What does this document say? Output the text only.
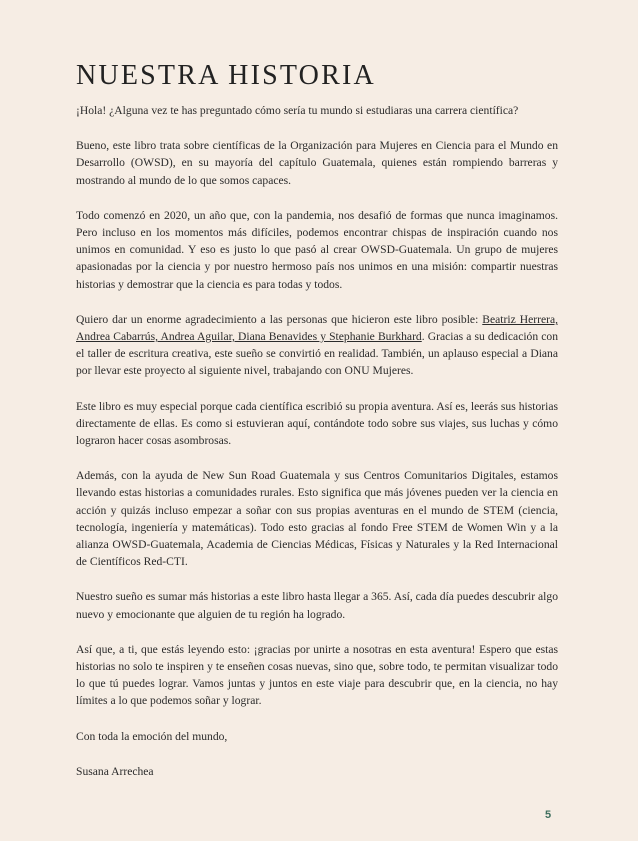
NUESTRA HISTORIA

¡Hola! ¿Alguna vez te has preguntado cómo sería tu mundo si estudiaras una carrera científica?

Bueno, este libro trata sobre científicas de la Organización para Mujeres en Ciencia para el Mundo en Desarrollo (OWSD), en su mayoría del capítulo Guatemala, quienes están rompiendo barreras y mostrando al mundo de lo que somos capaces.

Todo comenzó en 2020, un año que, con la pandemia, nos desafió de formas que nunca imaginamos. Pero incluso en los momentos más difíciles, podemos encontrar chispas de inspiración cuando nos unimos en comunidad. Y eso es justo lo que pasó al crear OWSD-Guatemala. Un grupo de mujeres apasionadas por la ciencia y por nuestro hermoso país nos unimos en una misión: compartir nuestras historias y demostrar que la ciencia es para todas y todos.

Quiero dar un enorme agradecimiento a las personas que hicieron este libro posible: Beatriz Herrera, Andrea Cabarrús, Andrea Aguilar, Diana Benavides y Stephanie Burkhard. Gracias a su dedicación con el taller de escritura creativa, este sueño se convirtió en realidad. También, un aplauso especial a Diana por llevar este proyecto al siguiente nivel, trabajando con ONU Mujeres.

Este libro es muy especial porque cada científica escribió su propia aventura. Así es, leerás sus historias directamente de ellas. Es como si estuvieran aquí, contándote todo sobre sus viajes, sus luchas y cómo lograron hacer cosas asombrosas.

Además, con la ayuda de New Sun Road Guatemala y sus Centros Comunitarios Digitales, estamos llevando estas historias a comunidades rurales. Esto significa que más jóvenes pueden ver la ciencia en acción y quizás incluso empezar a soñar con sus propias aventuras en el mundo de STEM (ciencia, tecnología, ingeniería y matemáticas). Todo esto gracias al fondo Free STEM de Women Win y a la alianza OWSD-Guatemala, Academia de Ciencias Médicas, Físicas y Naturales y la Red Internacional de Científicos Red-CTI.

Nuestro sueño es sumar más historias a este libro hasta llegar a 365. Así, cada día puedes descubrir algo nuevo y emocionante que alguien de tu región ha logrado.

Así que, a ti, que estás leyendo esto: ¡gracias por unirte a nosotras en esta aventura! Espero que estas historias no solo te inspiren y te enseñen cosas nuevas, sino que, sobre todo, te permitan visualizar todo lo que tú puedes lograr. Vamos juntas y juntos en este viaje para descubrir que, en la ciencia, no hay límites a lo que podemos soñar y lograr.

Con toda la emoción del mundo,

Susana Arrechea

5
